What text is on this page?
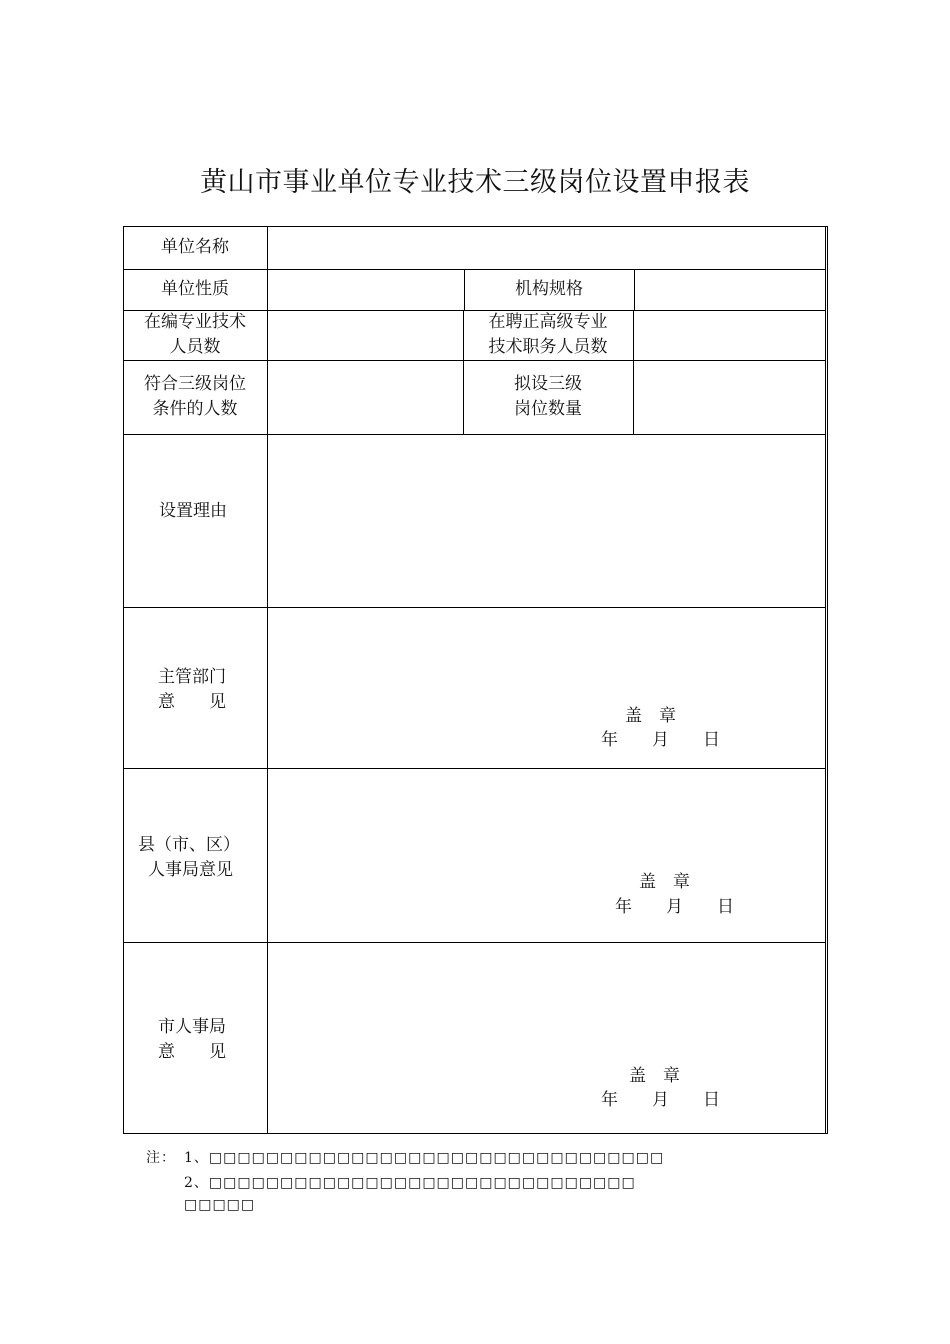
黄山市事业单位专业技术三级岗位设置申报表
单位名称
单位性质	机构规格
在编专业技术
人员数
在聘正高级专业
技术职务人员数
符合三级岗位
条件的人数
拟设三级
岗位数量
设置理由
主管部门
意　　见
盖　章
年　　月　　日
县（市、区）
人事局意见
盖　章
年　　月　　日
市人事局
意　　见
盖　章
年　　月　　日
注： 1、□□□□□□□□□□□□□□□□□□□□□□□□□□□□□□□□
2、□□□□□□□□□□□□□□□□□□□□□□□□□□□□□□
□□□□□
